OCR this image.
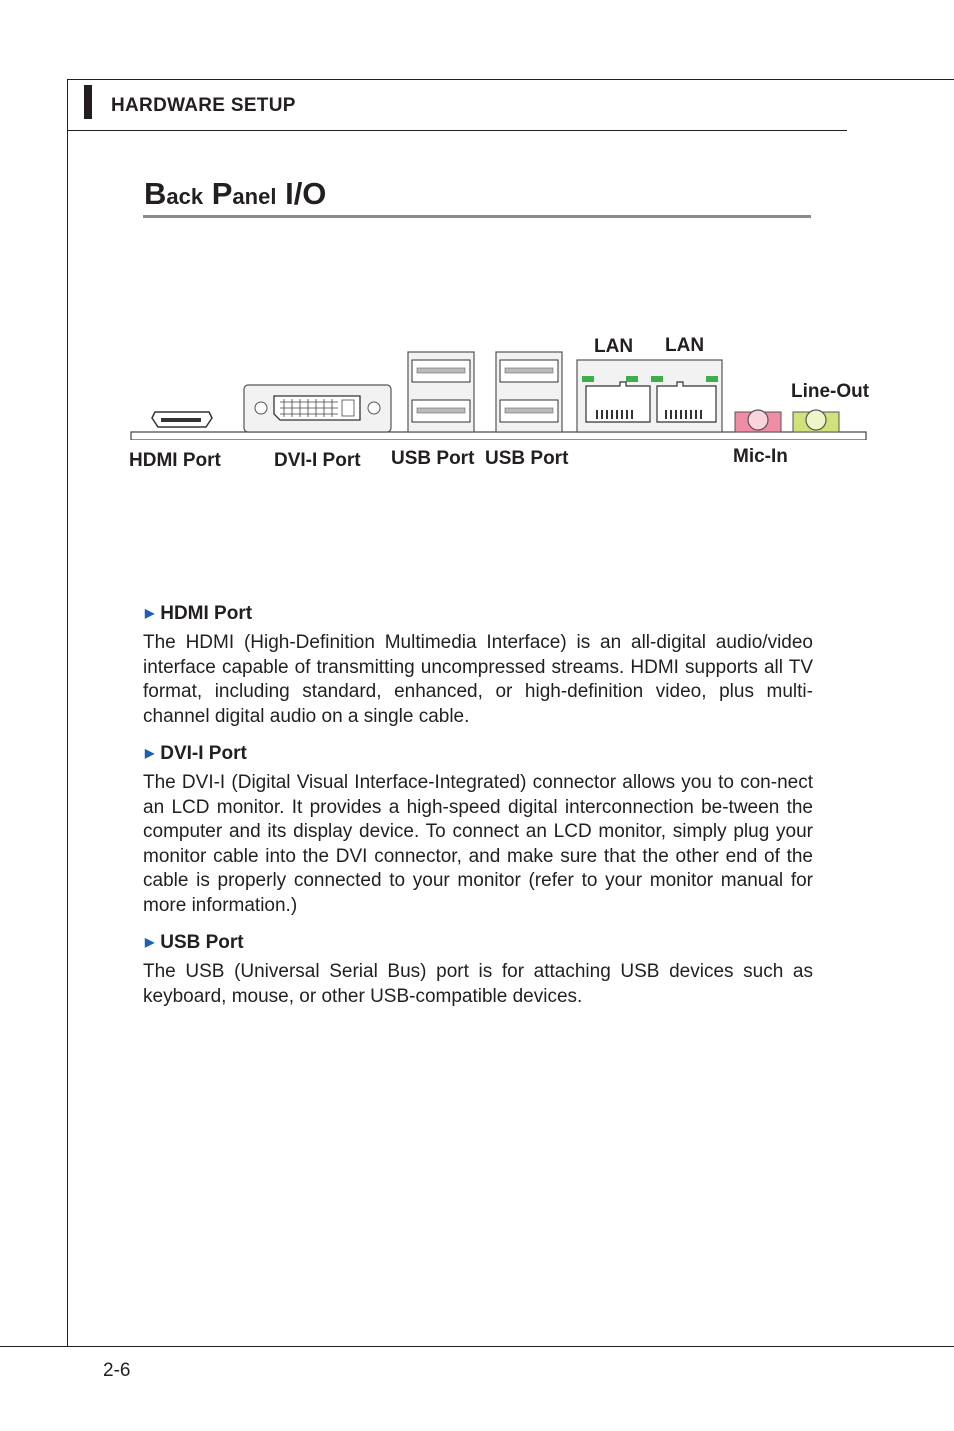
HARDWARE SETUP
Back Panel I/O
HDMI Port	DVI-I Port USB Port USB Port
LAN LAN
Line-Out
Mic-In
▶ HDMI Port
The HDMI (High-Definition Multimedia Interface) is an all-digital audio/video interface capable of transmitting uncompressed streams. HDMI supports all TV format, including standard, enhanced, or high-definition video, plus multi-channel digital audio on a single cable.
▶ DVI-I Port
The DVI-I (Digital Visual Interface-Integrated) connector allows you to con-nect an LCD monitor. It provides a high-speed digital interconnection be-tween the computer and its display device. To connect an LCD monitor, simply plug your monitor cable into the DVI connector, and make sure that the other end of the cable is properly connected to your monitor (refer to your monitor manual for more information.)
▶ USB Port
The USB (Universal Serial Bus) port is for attaching USB devices such as keyboard, mouse, or other USB-compatible devices.
2-6
